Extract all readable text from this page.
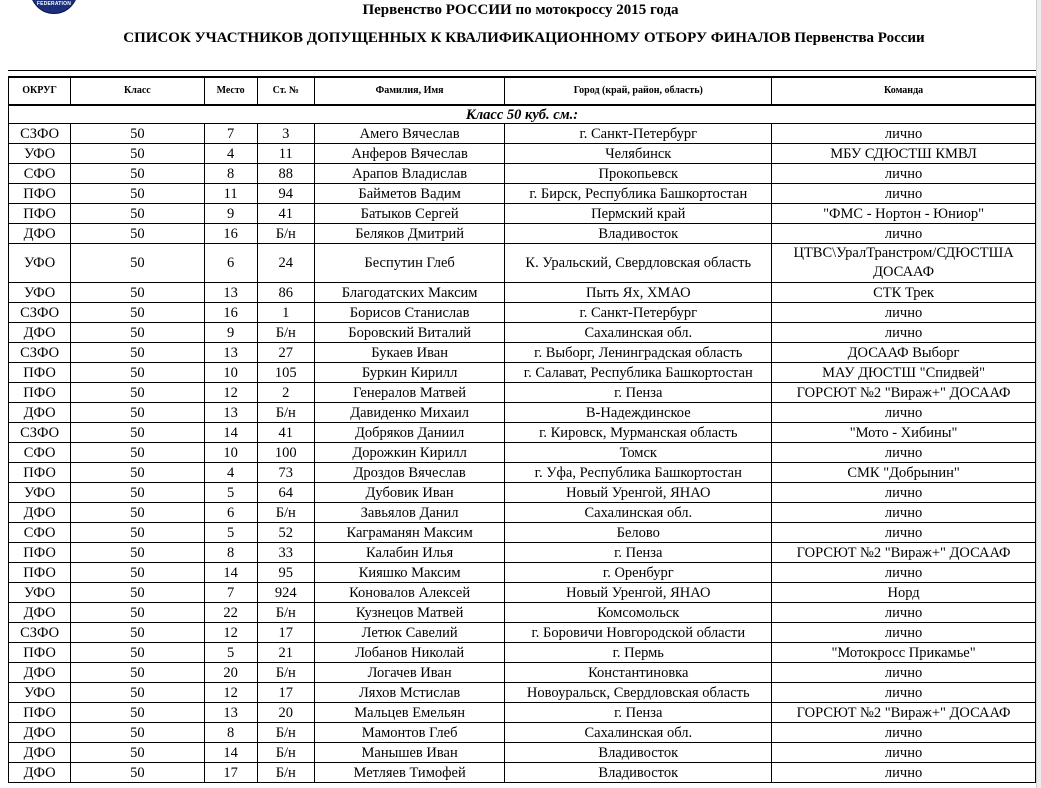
FEDERATION	Первенство РОССИИ по мотокроссу 2015 года
СПИСОК УЧАСТНИКОВ ДОПУЩЕННЫХ К КВАЛИФИКАЦИОННОМУ ОТБОРУ ФИНАЛОВ Первенства России
ОКРУГ	Класс	Место	Ст. №	Фамилия, Имя	Город (край, район, область)	Команда
Класс 50 куб. см.:						
СЗФО	50	7	3	Амего Вячеслав	г. Санкт-Петербург	лично
УФО	50	4	11	Анферов Вячеслав	Челябинск	МБУ СДЮСТШ КМВЛ
СФО	50	8	88	Арапов Владислав	Прокопьевск	лично
ПФО	50	11	94	Байметов Вадим	г. Бирск, Республика Башкортостан	лично
ПФО	50	9	41	Батыков Сергей	Пермский край	"ФМС - Нортон - Юниор"
ДФО	50	16	Б/н	Беляков Дмитрий	Владивосток	лично
УФО	50	6	24	Беспутин Глеб	К. Уральский, Свердловская область	ЦТВС\УралТранстром/СДЮСТША ДОСААФ
УФО	50	13	86	Благодатских Максим	Пыть Ях, ХМАО	СТК Трек
СЗФО	50	16	1	Борисов Станислав	г. Санкт-Петербург	лично
ДФО	50	9	Б/н	Боровский Виталий	Сахалинская обл.	лично
СЗФО	50	13	27	Букаев Иван	г. Выборг, Ленинградская область	ДОСААФ Выборг
ПФО	50	10	105	Буркин Кирилл	г. Салават, Республика Башкортостан	МАУ ДЮСТШ "Спидвей"
ПФО	50	12	2	Генералов Матвей	г. Пенза	ГОРСЮТ №2 "Вираж+" ДОСААФ
ДФО	50	13	Б/н	Давиденко Михаил	В-Надеждинское	лично
СЗФО	50	14	41	Добряков Даниил	г. Кировск, Мурманская область	"Мото - Хибины"
СФО	50	10	100	Дорожкин Кирилл	Томск	лично
ПФО	50	4	73	Дроздов Вячеслав	г. Уфа, Республика Башкортостан	СМК "Добрынин"
УФО	50	5	64	Дубовик Иван	Новый Уренгой, ЯНАО	лично
ДФО	50	6	Б/н	Завьялов Данил	Сахалинская обл.	лично
СФО	50	5	52	Каграманян Максим	Белово	лично
ПФО	50	8	33	Калабин Илья	г. Пенза	ГОРСЮТ №2 "Вираж+" ДОСААФ
ПФО	50	14	95	Кияшко Максим	г. Оренбург	лично
УФО	50	7	924	Коновалов Алексей	Новый Уренгой, ЯНАО	Норд
ДФО	50	22	Б/н	Кузнецов Матвей	Комсомольск	лично
СЗФО	50	12	17	Летюк Савелий	г. Боровичи Новгородской области	лично
ПФО	50	5	21	Лобанов Николай	г. Пермь	"Мотокросс Прикамье"
ДФО	50	20	Б/н	Логачев Иван	Константиновка	лично
УФО	50	12	17	Ляхов Мстислав	Новоуральск, Свердловская область	лично
ПФО	50	13	20	Мальцев Емельян	г. Пенза	ГОРСЮТ №2 "Вираж+" ДОСААФ
ДФО	50	8	Б/н	Мамонтов Глеб	Сахалинская обл.	лично
ДФО	50	14	Б/н	Манышев Иван	Владивосток	лично
ДФО	50	17	Б/н	Метляев Тимофей	Владивосток	лично
